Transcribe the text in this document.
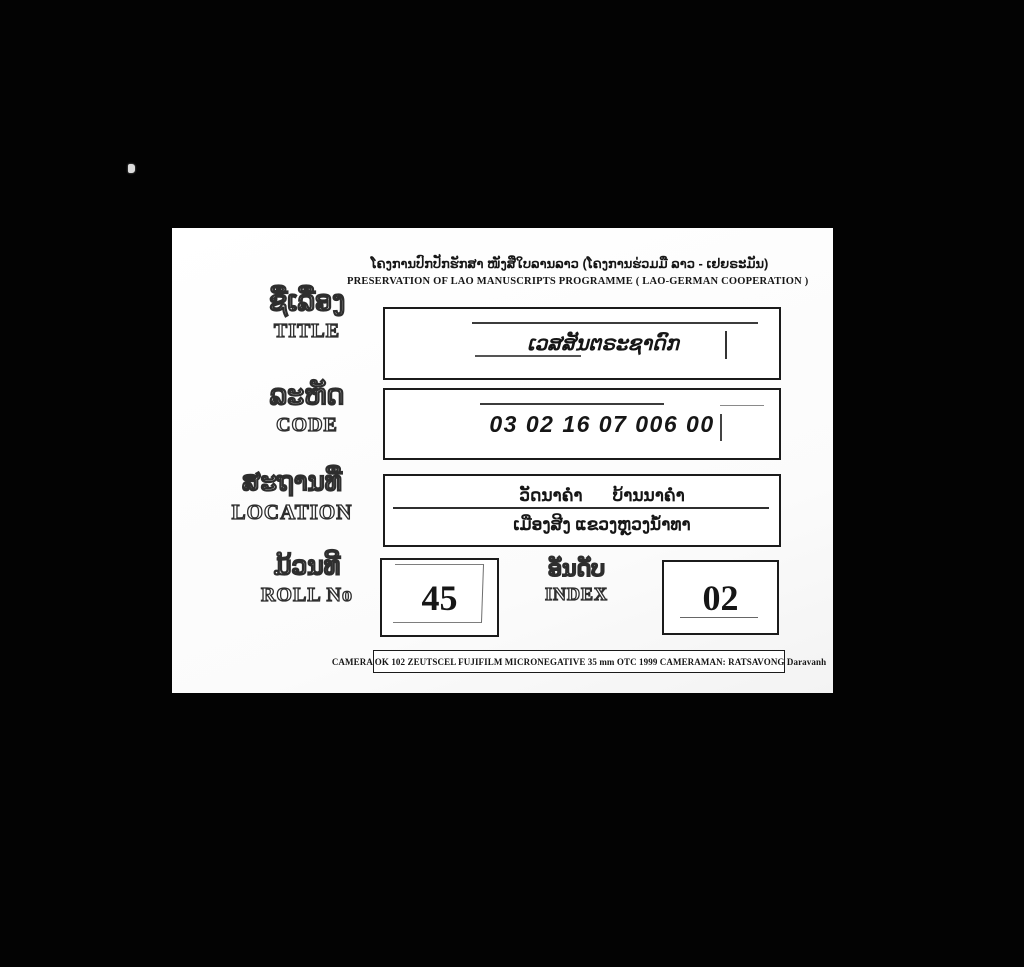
ໂຄງການປົກປັກຮັກສາ ໜັງສືໃບລານລາວ (ໂຄງການຮ່ວມມື ລາວ - ເຢຍຣະມັນ)
PRESERVATION OF LAO MANUSCRIPTS PROGRAMME ( LAO-GERMAN COOPERATION )
ຊື່ເລື່ອງ
TITLE
ເວສສັນຕຣະຊາດົກ
ລະຫັດ
CODE	03 02 16 07 006 00
ສະຖານທີ່
LOCATION
ວັດນາຄຳ ບ້ານນາຄຳ
ເມືອງສີງ ແຂວງຫຼວງນ້ຳທາ
ມ້ວນທີ
ROLL No	45
ອັນດັບ
INDEX	02
CAMERA OK 102 ZEUTSCEL FUJIFILM MICRONEGATIVE 35 mm OTC 1999 CAMERAMAN: RATSAVONG Daravanh
